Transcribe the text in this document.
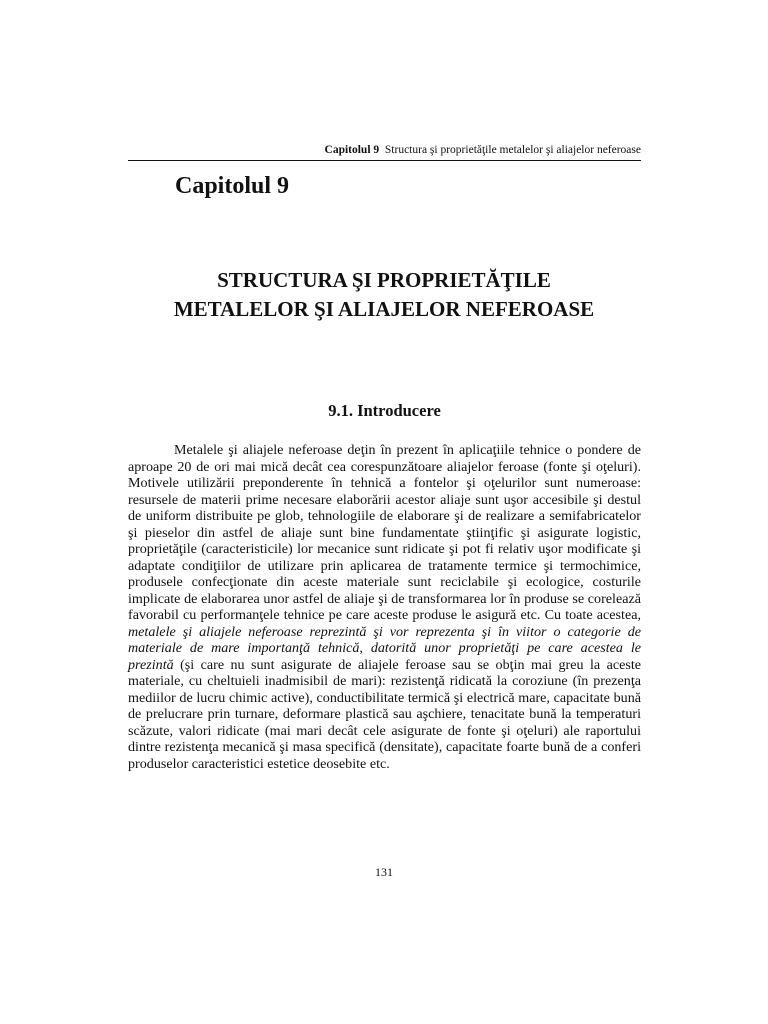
Capitolul 9 Structura şi proprietăţile metalelor şi aliajelor neferoase
Capitolul 9
STRUCTURA ŞI PROPRIETĂŢILE
METALELOR ŞI ALIAJELOR NEFEROASE
9.1. Introducere

Metalele şi aliajele neferoase deţin în prezent în aplicaţiile tehnice o pondere de aproape 20 de ori mai mică decât cea corespunzătoare aliajelor feroase (fonte şi oţeluri). Motivele utilizării preponderente în tehnică a fontelor şi oţelurilor sunt numeroase: resursele de materii prime necesare elaborării acestor aliaje sunt uşor accesibile şi destul de uniform distribuite pe glob, tehnologiile de elaborare şi de realizare a semifabricatelor şi pieselor din astfel de aliaje sunt bine fundamentate ştiinţific şi asigurate logistic, proprietăţile (caracteristicile) lor mecanice sunt ridicate şi pot fi relativ uşor modificate şi adaptate condiţiilor de utilizare prin aplicarea de tratamente termice şi termochimice, produsele confecţionate din aceste materiale sunt reciclabile şi ecologice, costurile implicate de elaborarea unor astfel de aliaje şi de transformarea lor în produse se corelează favorabil cu performanţele tehnice pe care aceste produse le asigură etc. Cu toate acestea, metalele şi aliajele neferoase reprezintă şi vor reprezenta şi în viitor o categorie de materiale de mare importanţă tehnică, datorită unor proprietăţi pe care acestea le prezintă (şi care nu sunt asigurate de aliajele feroase sau se obţin mai greu la aceste materiale, cu cheltuieli inadmisibil de mari): rezistenţă ridicată la coroziune (în prezenţa mediilor de lucru chimic active), conductibilitate termică şi electrică mare, capacitate bună de prelucrare prin turnare, deformare plastică sau aşchiere, tenacitate bună la temperaturi scăzute, valori ridicate (mai mari decât cele asigurate de fonte şi oţeluri) ale raportului dintre rezistenţa mecanică şi masa specifică (densitate), capacitate foarte bună de a conferi produselor caracteristici estetice deosebite etc.

131
